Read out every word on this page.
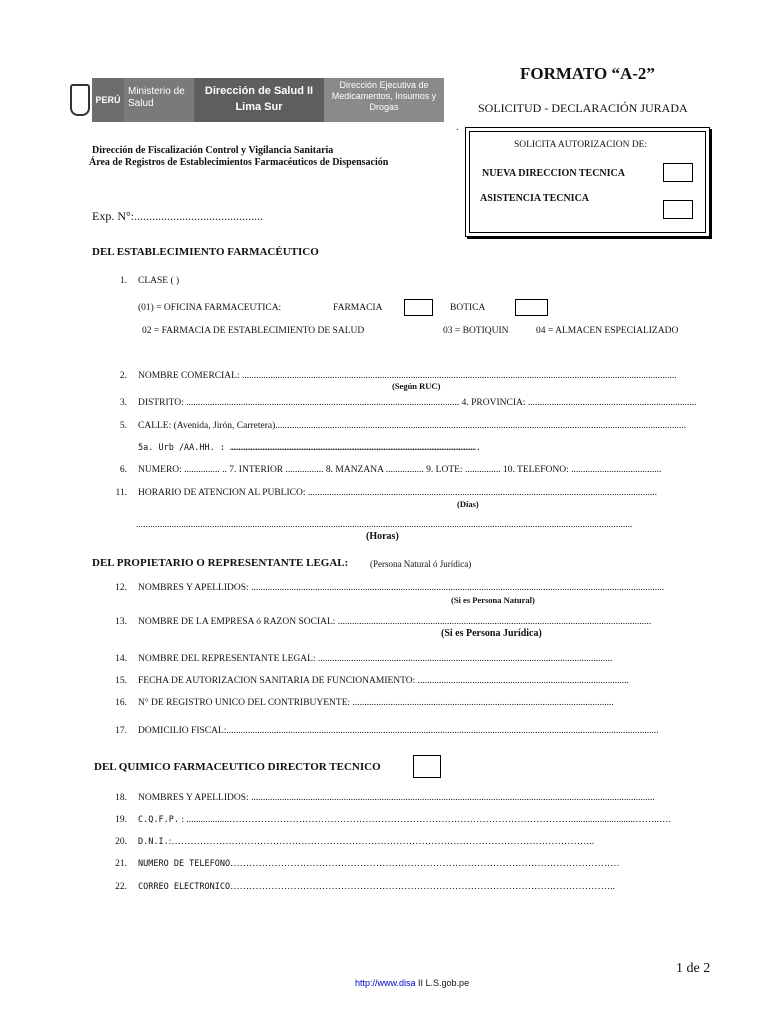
FORMATO “A-2”
SOLICITUD - DECLARACIÓN JURADA
PERÚ
Ministerio de Salud
Dirección de Salud II Lima Sur
Dirección Ejecutiva de Medicamentos, Insumos y Drogas
.
Dirección de Fiscalización Control y Vigilancia Sanitaria
Área de Registros de Establecimientos Farmacéuticos de Dispensación
Exp. N°:...........................................
SOLICITA AUTORIZACION DE:
NUEVA DIRECCION TECNICA
ASISTENCIA TECNICA
DEL ESTABLECIMIENTO FARMACÉUTICO
1. CLASE ( )
(01) = OFICINA FARMACEUTICA:	FARMACIA	BOTICA
02 = FARMACIA DE ESTABLECIMIENTO DE SALUD	03 = BOTIQUIN	04 = ALMACEN ESPECIALIZADO
2. NOMBRE COMERCIAL: .......................................................................................................................................................................................
(Según RUC)
3. DISTRITO: ................................................................................................................... 4. PROVINCIA: .......................................................................
5. CALLE: (Avenida, Jirón, Carretera).............................................................................................................................................................................
5a. Urb /AA.HH. : ……………………………………………………………………………………………………………………………….
6. NUMERO: ............... .. 7. INTERIOR ................ 8. MANZANA ................ 9. LOTE: ............... 10. TELEFONO: ......................................
11. HORARIO DE ATENCIÓN AL PÚBLICO: ...................................................................................................................................................
(Días)
.................................................................................................................................................................................................................
(Horas)
DEL PROPIETARIO O REPRESENTANTE LEGAL: (Persona Natural ó Jurídica)
12. NOMBRES Y APELLIDOS: ..............................................................................................................................................................................
(Si es Persona Natural)
13. NOMBRE DE LA EMPRESA ó RAZON SOCIAL: ....................................................................................................................................
(Si es Persona Jurídica)
14. NOMBRE DEL REPRESENTANTE LEGAL: ............................................................................................................................
15. FECHA DE AUTORIZACION SANITARIA DE FUNCIONAMIENTO: .........................................................................................
16. N° DE REGISTRO UNICO DEL CONTRIBUYENTE: ..............................................................................................................
17. DOMICILIO FISCAL:......................................................................................................................................................................................
DEL QUIMICO FARMACEUTICO DIRECTOR TECNICO
18. NOMBRES Y APELLIDOS: ..........................................................................................................................................................................
19. C.Q.F.P. : ..................………………………………………………………………………………………………...........................……..….
20. D.N.I.:……………………………………………………………………………………………………………………..
21. NUMERO DE TELEFONO……………………………………………………………………………………………………………
22. CORREO ELECTRONICO…………………………………………………………………………………………………………..
1 de 2
http://www.disa II L.S.gob.pe
